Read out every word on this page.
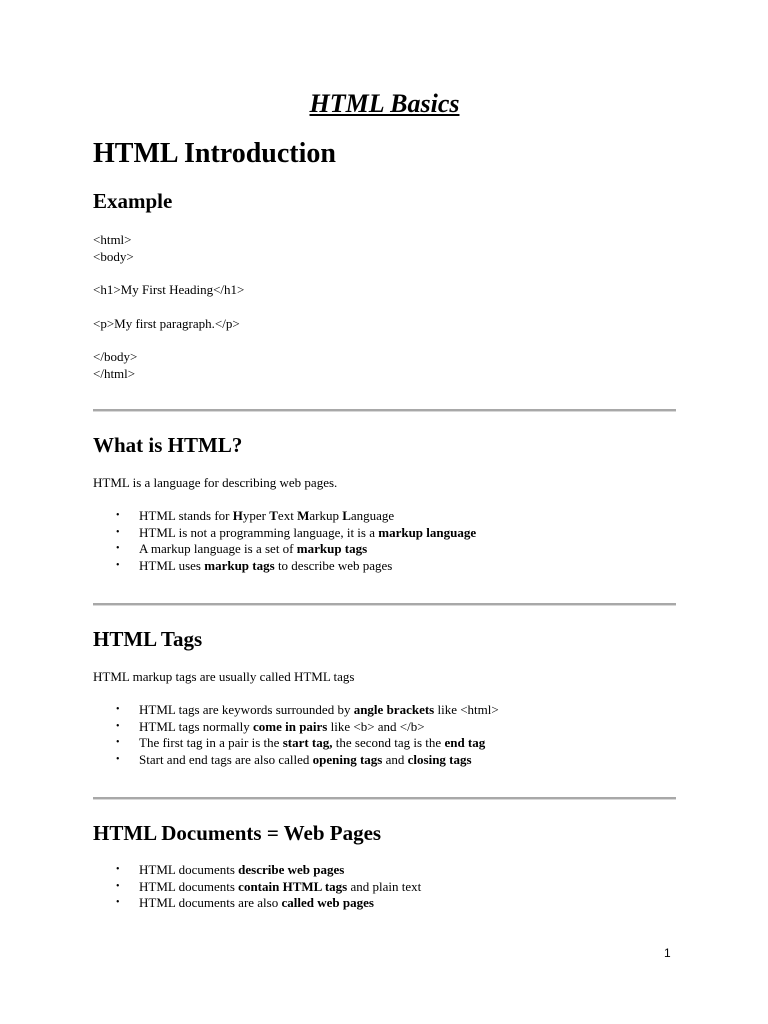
HTML Basics
HTML Introduction
Example

<html>

<body>

<h1>My First Heading</h1>

<p>My first paragraph.</p>

</body>

</html>

What is HTML?

HTML is a language for describing web pages.

• HTML stands for Hyper Text Markup Language
• HTML is not a programming language, it is a markup language
• A markup language is a set of markup tags
• HTML uses markup tags to describe web pages
HTML Tags

HTML markup tags are usually called HTML tags

• HTML tags are keywords surrounded by angle brackets like <html>
• HTML tags normally come in pairs like <b> and </b>
• The first tag in a pair is the start tag, the second tag is the end tag
• Start and end tags are also called opening tags and closing tags
HTML Documents = Web Pages
• HTML documents describe web pages
• HTML documents contain HTML tags and plain text
• HTML documents are also called web pages
1
